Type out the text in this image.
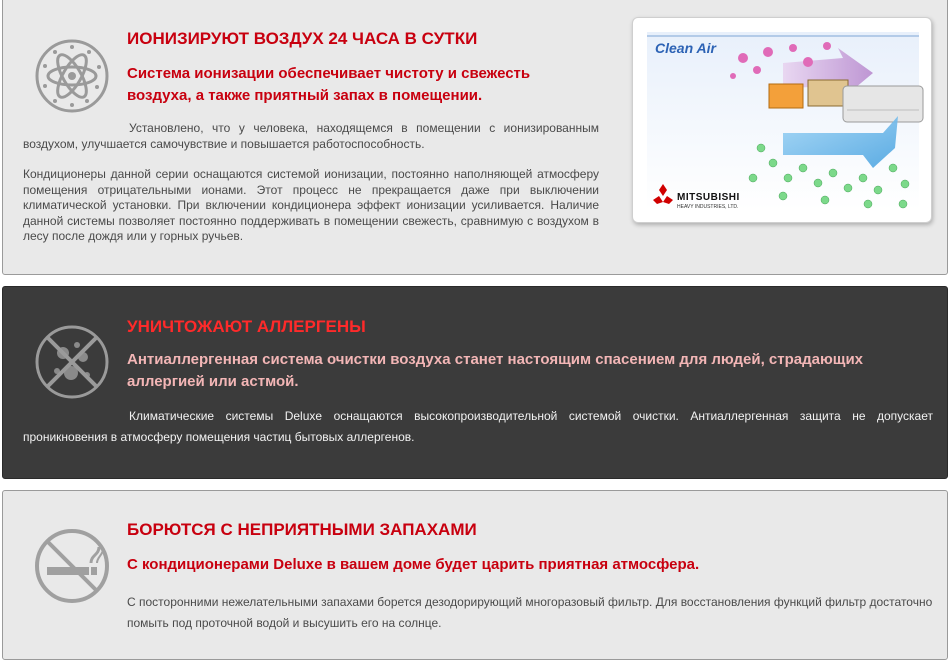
ИОНИЗИРУЮТ ВОЗДУХ 24 ЧАСА В СУТКИ

Система ионизации обеспечивает чистоту и свежесть воздуха, а также приятный запах в помещении.

Установлено, что у человека, находящемся в помещении с ионизированным воздухом, улучшается самочувствие и повышается работоспособность.

Кондиционеры данной серии оснащаются системой ионизации, постоянно наполняющей атмосферу помещения отрицательными ионами. Этот процесс не прекращается даже при выключении климатической установки. При включении кондиционера эффект ионизации усиливается. Наличие данной системы позволяет постоянно поддерживать в помещении свежесть, сравнимую с воздухом в лесу после дождя или у горных ручьев.

Clean Air
MITSUBISHI
HEAVY INDUSTRIES, LTD.
УНИЧТОЖАЮТ АЛЛЕРГЕНЫ

Антиаллергенная система очистки воздуха станет настоящим спасением для людей, страдающих аллергией или астмой.

Климатические системы Deluxe оснащаются высокопроизводительной системой очистки. Антиаллергенная защита не допускает проникновения в атмосферу помещения частиц бытовых аллергенов.

БОРЮТСЯ С НЕПРИЯТНЫМИ ЗАПАХАМИ

С кондиционерами Deluxe в вашем доме будет царить приятная атмосфера.

С посторонними нежелательными запахами борется дезодорирующий многоразовый фильтр. Для восстановления функций фильтр достаточно помыть под проточной водой и высушить его на солнце.
